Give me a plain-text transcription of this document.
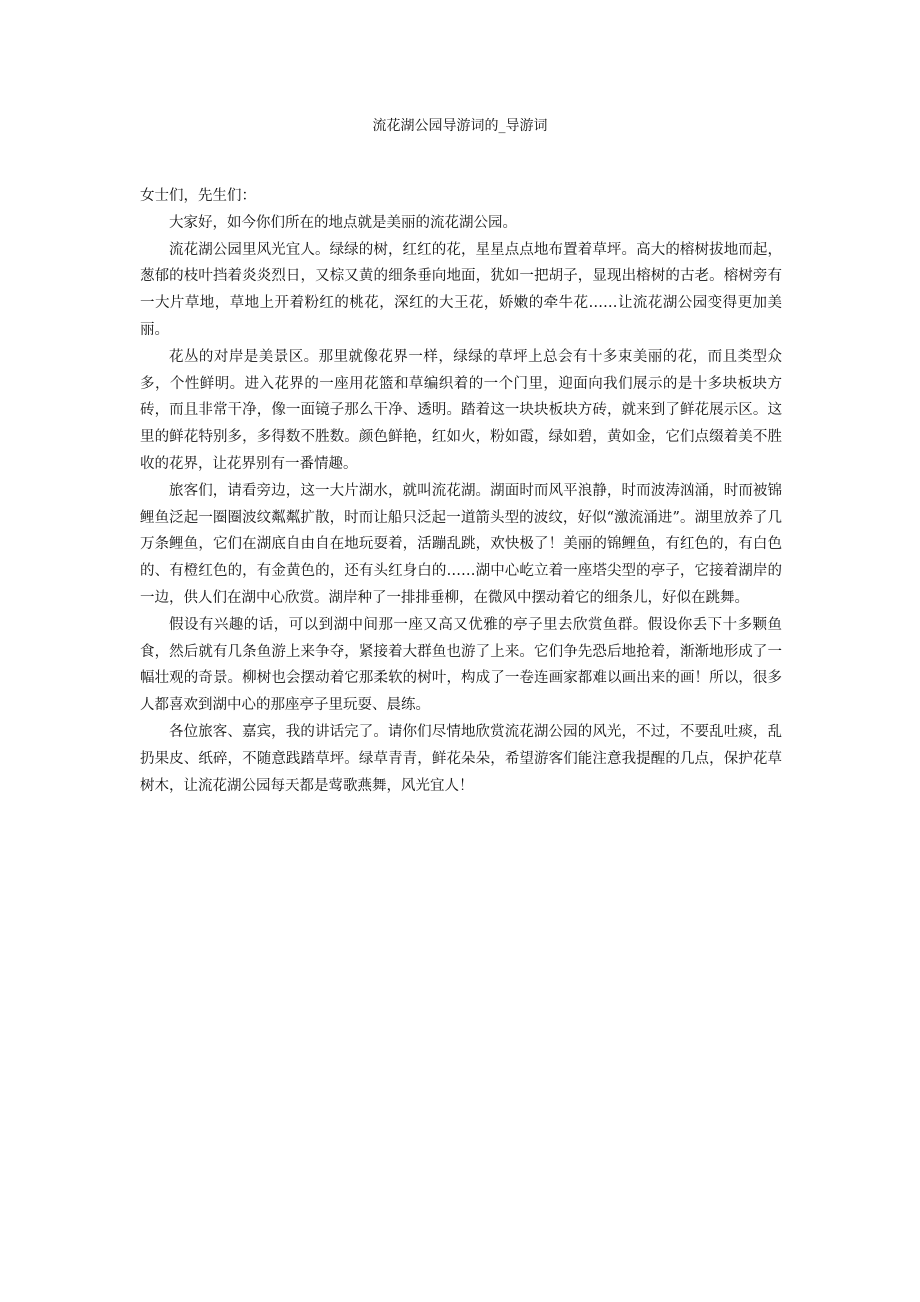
流花湖公园导游词的_导游词

女士们，先生们：

大家好，如今你们所在的地点就是美丽的流花湖公园。

流花湖公园里风光宜人。绿绿的树，红红的花，星星点点地布置着草坪。高大的榕树拔地而起，葱郁的枝叶挡着炎炎烈日，又棕又黄的细条垂向地面，犹如一把胡子，显现出榕树的古老。榕树旁有一大片草地，草地上开着粉红的桃花，深红的大王花，娇嫩的牵牛花……让流花湖公园变得更加美丽。

花丛的对岸是美景区。那里就像花界一样，绿绿的草坪上总会有十多束美丽的花，而且类型众多，个性鲜明。进入花界的一座用花篮和草编织着的一个门里，迎面向我们展示的是十多块板块方砖，而且非常干净，像一面镜子那么干净、透明。踏着这一块块板块方砖，就来到了鲜花展示区。这里的鲜花特别多，多得数不胜数。颜色鲜艳，红如火，粉如霞，绿如碧，黄如金，它们点缀着美不胜收的花界，让花界别有一番情趣。

旅客们，请看旁边，这一大片湖水，就叫流花湖。湖面时而风平浪静，时而波涛汹涌，时而被锦鲤鱼泛起一圈圈波纹粼粼扩散，时而让船只泛起一道箭头型的波纹，好似“激流涌进”。湖里放养了几万条鲤鱼，它们在湖底自由自在地玩耍着，活蹦乱跳，欢快极了！美丽的锦鲤鱼，有红色的，有白色的、有橙红色的，有金黄色的，还有头红身白的……湖中心屹立着一座塔尖型的亭子，它接着湖岸的一边，供人们在湖中心欣赏。湖岸种了一排排垂柳，在微风中摆动着它的细条儿，好似在跳舞。

假设有兴趣的话，可以到湖中间那一座又高又优雅的亭子里去欣赏鱼群。假设你丢下十多颗鱼食，然后就有几条鱼游上来争夺，紧接着大群鱼也游了上来。它们争先恐后地抢着，渐渐地形成了一幅壮观的奇景。柳树也会摆动着它那柔软的树叶，构成了一卷连画家都难以画出来的画！所以，很多人都喜欢到湖中心的那座亭子里玩耍、晨练。

各位旅客、嘉宾，我的讲话完了。请你们尽情地欣赏流花湖公园的风光，不过，不要乱吐痰，乱扔果皮、纸碎，不随意践踏草坪。绿草青青，鲜花朵朵，希望游客们能注意我提醒的几点，保护花草树木，让流花湖公园每天都是莺歌燕舞，风光宜人！
